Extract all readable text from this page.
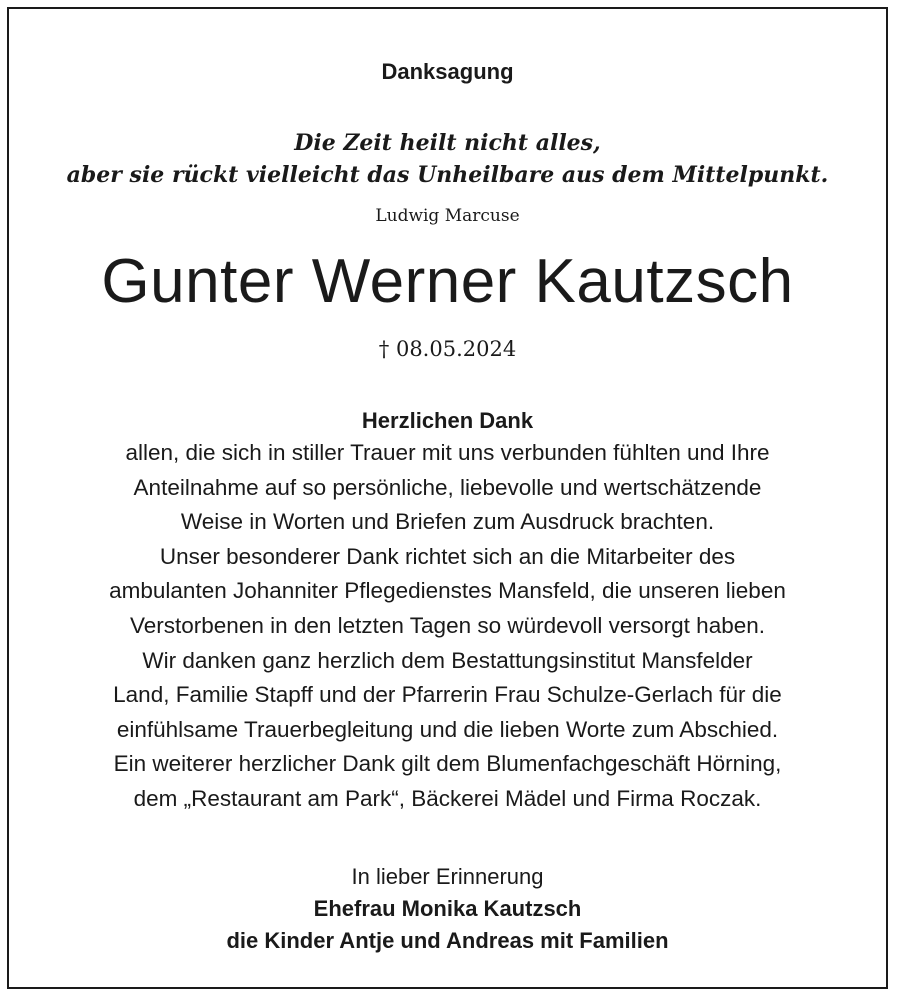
Danksagung
Die Zeit heilt nicht alles,
aber sie rückt vielleicht das Unheilbare aus dem Mittelpunkt.
Ludwig Marcuse
Gunter Werner Kautzsch
† 08.05.2024
Herzlichen Dank
allen, die sich in stiller Trauer mit uns verbunden fühlten und Ihre
Anteilnahme auf so persönliche, liebevolle und wertschätzende
Weise in Worten und Briefen zum Ausdruck brachten.
Unser besonderer Dank richtet sich an die Mitarbeiter des
ambulanten Johanniter Pflegedienstes Mansfeld, die unseren lieben
Verstorbenen in den letzten Tagen so würdevoll versorgt haben.
Wir danken ganz herzlich dem Bestattungsinstitut Mansfelder
Land, Familie Stapff und der Pfarrerin Frau Schulze-Gerlach für die
einfühlsame Trauerbegleitung und die lieben Worte zum Abschied.
Ein weiterer herzlicher Dank gilt dem Blumenfachgeschäft Hörning,
dem „Restaurant am Park“, Bäckerei Mädel und Firma Roczak.
In lieber Erinnerung
Ehefrau Monika Kautzsch
die Kinder Antje und Andreas mit Familien
